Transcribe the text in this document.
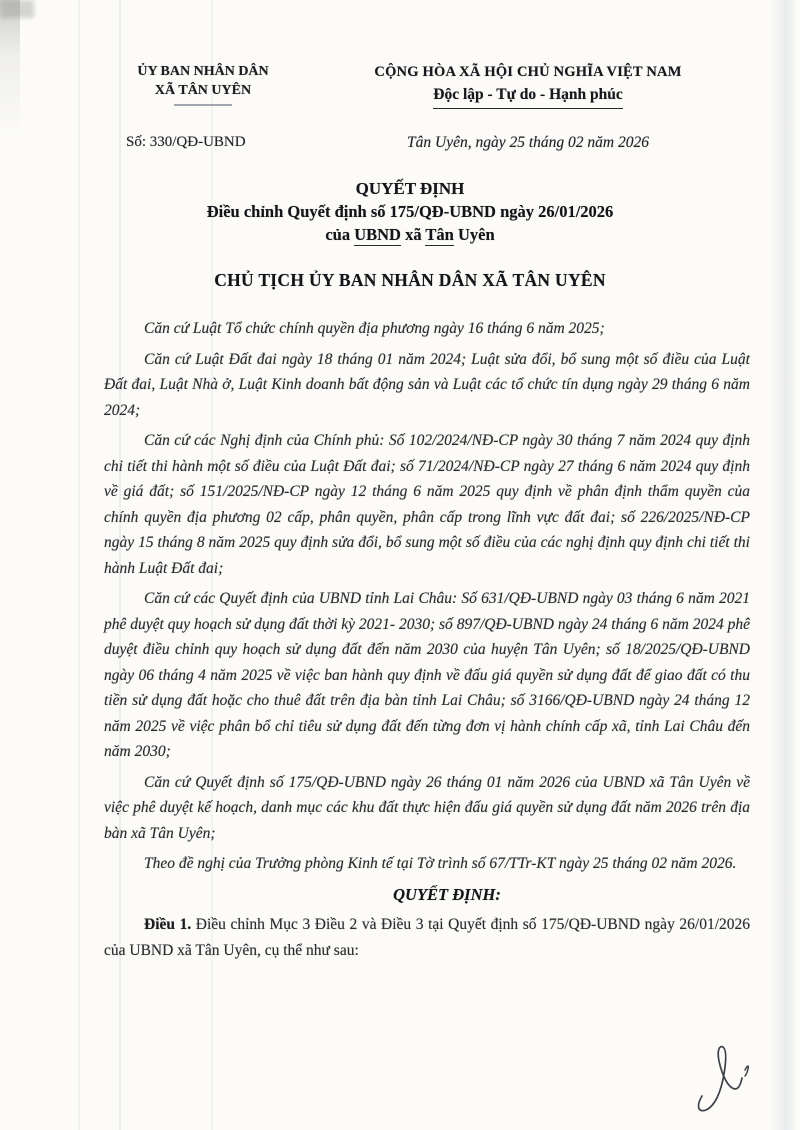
ỦY BAN NHÂN DÂN
XÃ TÂN UYÊN
Số: 330/QĐ-UBND
CỘNG HÒA XÃ HỘI CHỦ NGHĨA VIỆT NAM
Độc lập - Tự do - Hạnh phúc
Tân Uyên, ngày 25 tháng 02 năm 2026
QUYẾT ĐỊNH
Điều chỉnh Quyết định số 175/QĐ-UBND ngày 26/01/2026
của UBND xã Tân Uyên
CHỦ TỊCH ỦY BAN NHÂN DÂN XÃ TÂN UYÊN

Căn cứ Luật Tổ chức chính quyền địa phương ngày 16 tháng 6 năm 2025;

Căn cứ Luật Đất đai ngày 18 tháng 01 năm 2024; Luật sửa đổi, bổ sung một số điều của Luật Đất đai, Luật Nhà ở, Luật Kinh doanh bất động sản và Luật các tổ chức tín dụng ngày 29 tháng 6 năm 2024;

Căn cứ các Nghị định của Chính phủ: Số 102/2024/NĐ-CP ngày 30 tháng 7 năm 2024 quy định chi tiết thi hành một số điều của Luật Đất đai; số 71/2024/NĐ-CP ngày 27 tháng 6 năm 2024 quy định về giá đất; số 151/2025/NĐ-CP ngày 12 tháng 6 năm 2025 quy định về phân định thẩm quyền của chính quyền địa phương 02 cấp, phân quyền, phân cấp trong lĩnh vực đất đai; số 226/2025/NĐ-CP ngày 15 tháng 8 năm 2025 quy định sửa đổi, bổ sung một số điều của các nghị định quy định chi tiết thi hành Luật Đất đai;

Căn cứ các Quyết định của UBND tỉnh Lai Châu: Số 631/QĐ-UBND ngày 03 tháng 6 năm 2021 phê duyệt quy hoạch sử dụng đất thời kỳ 2021- 2030; số 897/QĐ-UBND ngày 24 tháng 6 năm 2024 phê duyệt điều chỉnh quy hoạch sử dụng đất đến năm 2030 của huyện Tân Uyên; số 18/2025/QĐ-UBND ngày 06 tháng 4 năm 2025 về việc ban hành quy định về đấu giá quyền sử dụng đất để giao đất có thu tiền sử dụng đất hoặc cho thuê đất trên địa bàn tỉnh Lai Châu; số 3166/QĐ-UBND ngày 24 tháng 12 năm 2025 về việc phân bổ chỉ tiêu sử dụng đất đến từng đơn vị hành chính cấp xã, tỉnh Lai Châu đến năm 2030;

Căn cứ Quyết định số 175/QĐ-UBND ngày 26 tháng 01 năm 2026 của UBND xã Tân Uyên về việc phê duyệt kế hoạch, danh mục các khu đất thực hiện đấu giá quyền sử dụng đất năm 2026 trên địa bàn xã Tân Uyên;

Theo đề nghị của Trưởng phòng Kinh tế tại Tờ trình số 67/TTr-KT ngày 25 tháng 02 năm 2026.

QUYẾT ĐỊNH:

Điều 1. Điều chỉnh Mục 3 Điều 2 và Điều 3 tại Quyết định số 175/QĐ-UBND ngày 26/01/2026 của UBND xã Tân Uyên, cụ thể như sau:
